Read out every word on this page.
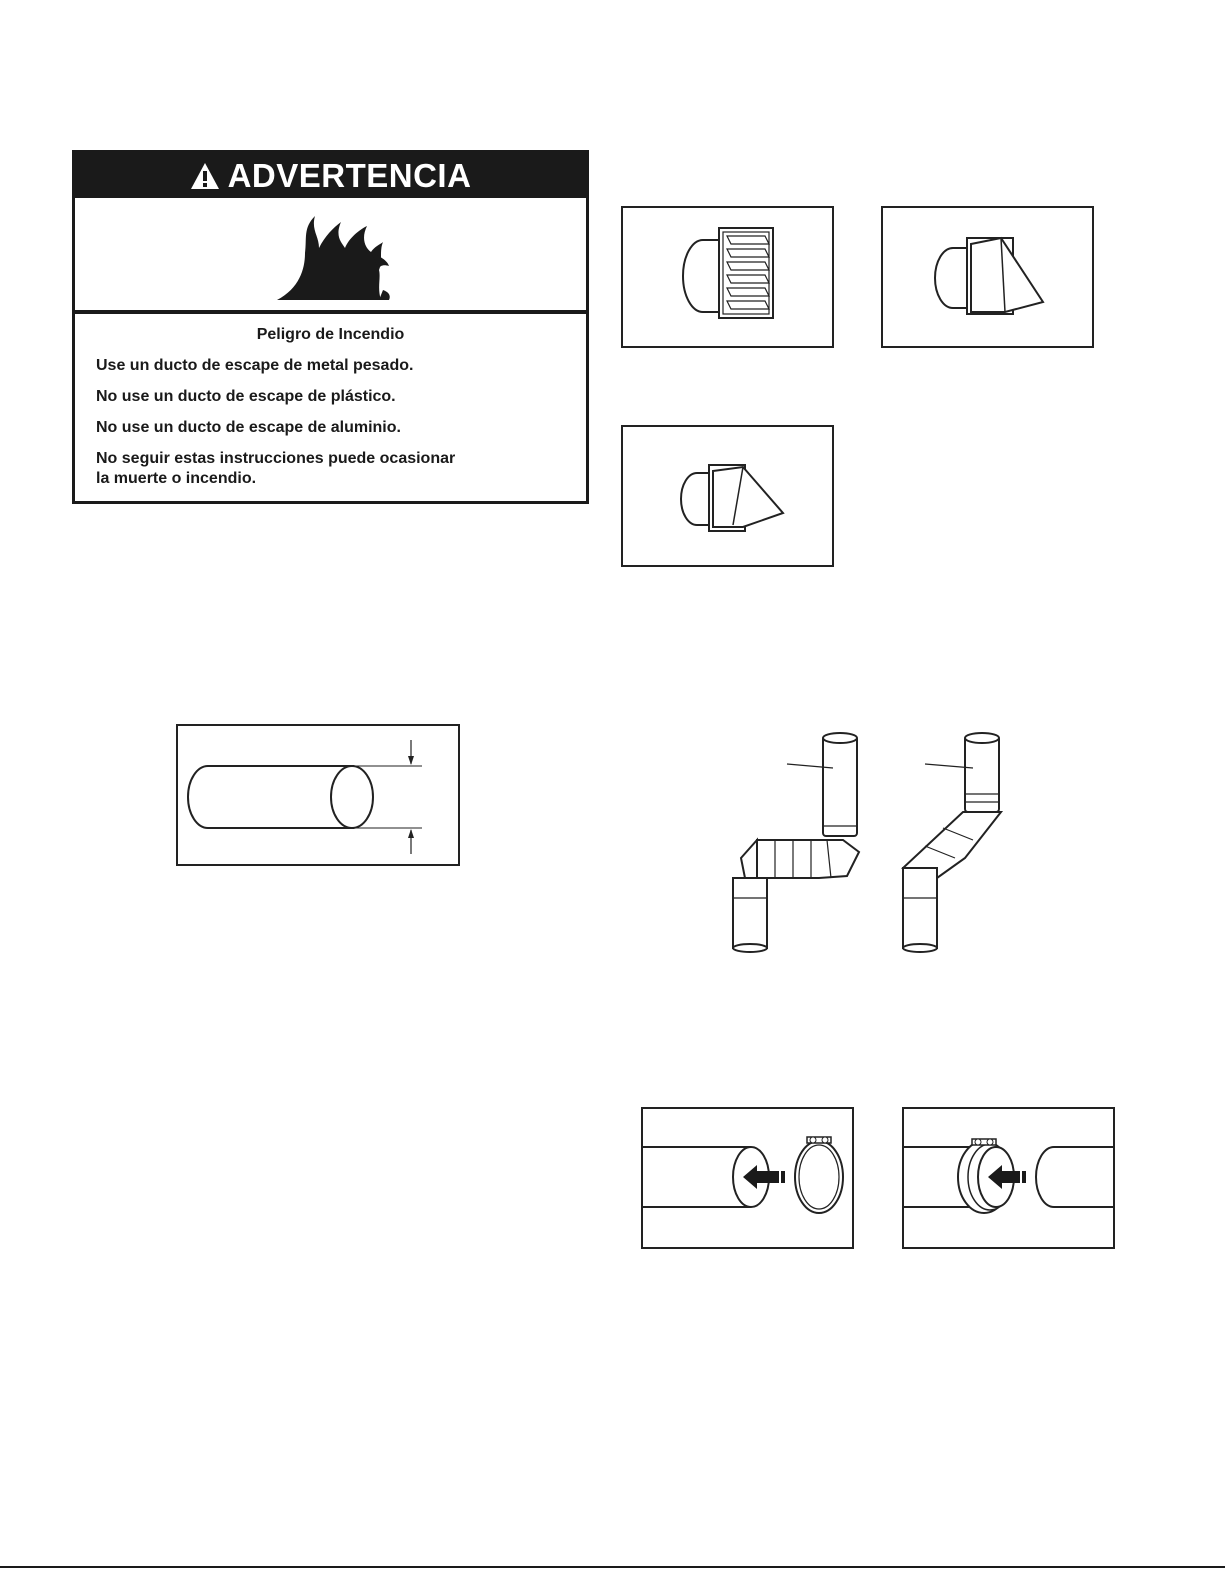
ADVERTENCIA
Peligro de Incendio
Use un ducto de escape de metal pesado.
No use un ducto de escape de plástico.
No use un ducto de escape de aluminio.
No seguir estas instrucciones puede ocasionar
la muerte o incendio.
